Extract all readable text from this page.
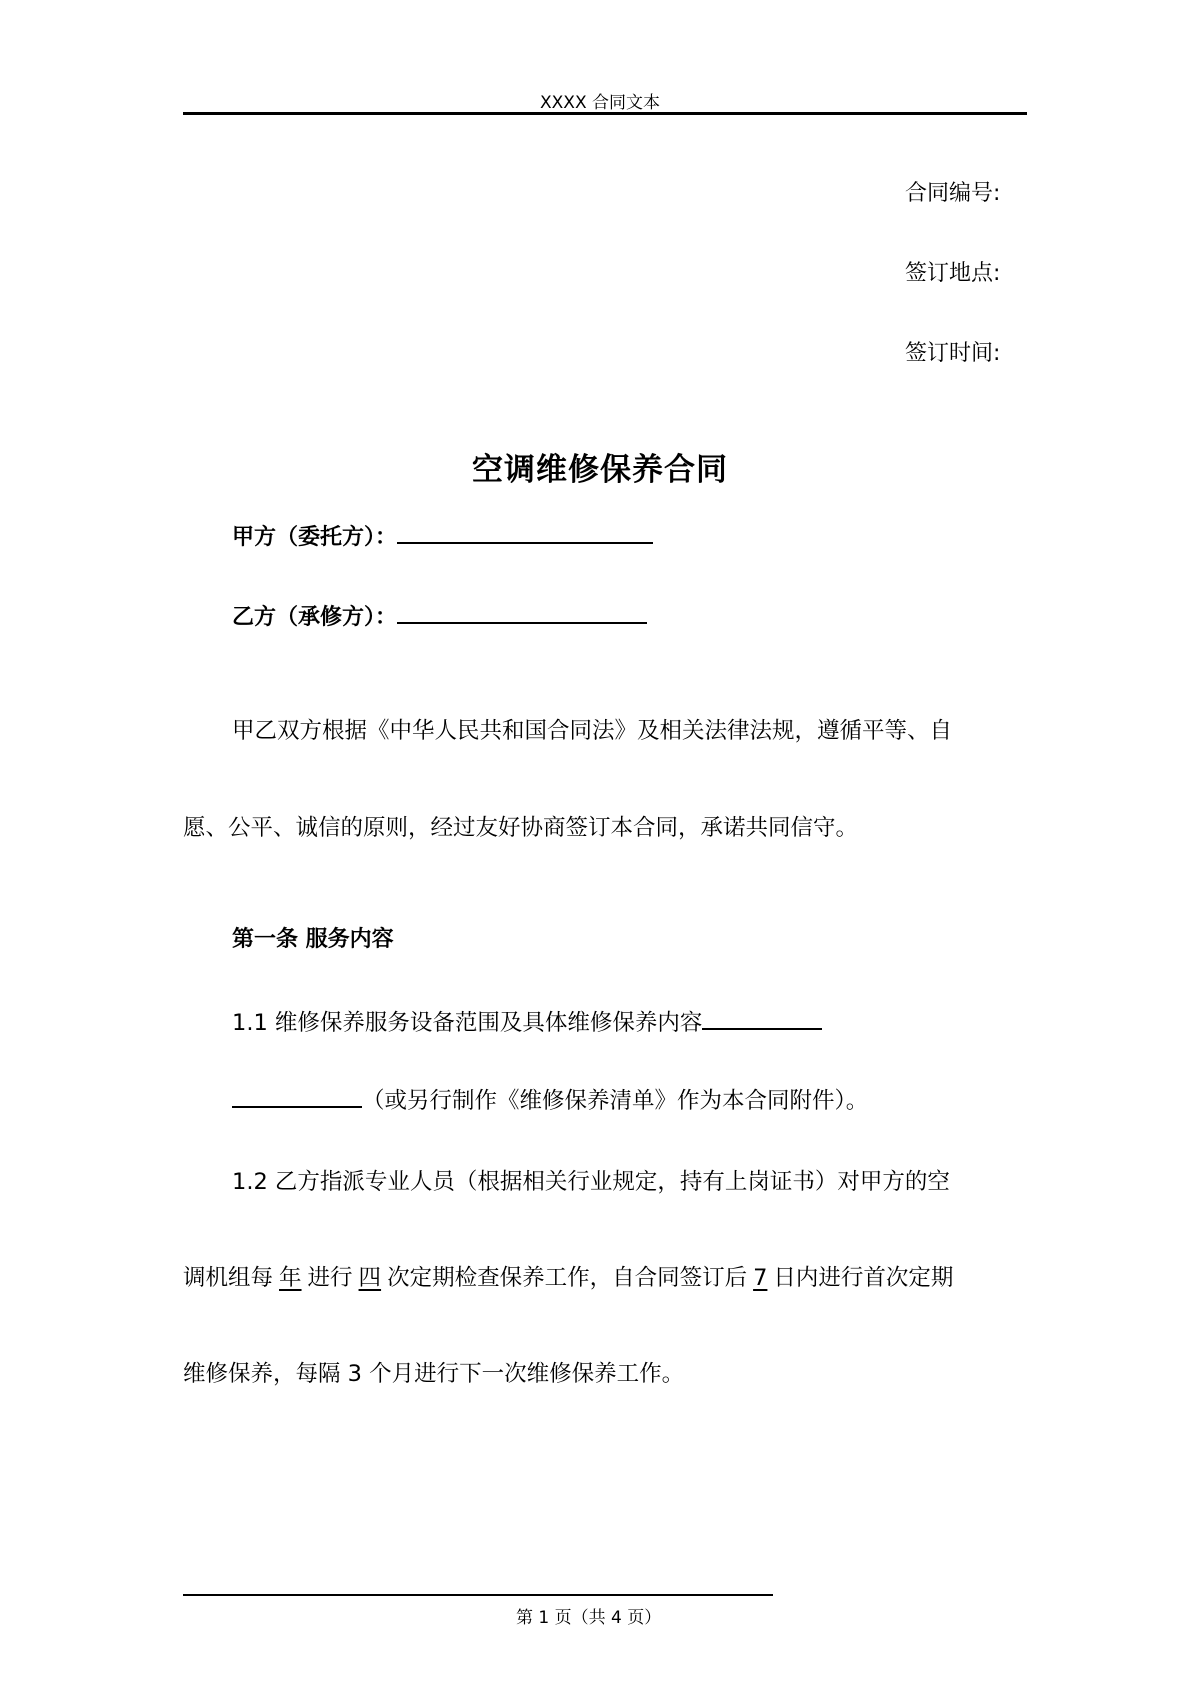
XXXX 合同文本
合同编号:
签订地点:
签订时间:
空调维修保养合同
甲方（委托方）：
乙方（承修方）：
甲乙双方根据《中华人民共和国合同法》及相关法律法规，遵循平等、自
愿、公平、诚信的原则，经过友好协商签订本合同，承诺共同信守。
第一条 服务内容
1.1 维修保养服务设备范围及具体维修保养内容
（或另行制作《维修保养清单》作为本合同附件）。
1.2 乙方指派专业人员（根据相关行业规定，持有上岗证书）对甲方的空
调机组每 年 进行 四 次定期检查保养工作，自合同签订后 7 日内进行首次定期
维修保养，每隔 3 个月进行下一次维修保养工作。
第 1 页（共 4 页）
